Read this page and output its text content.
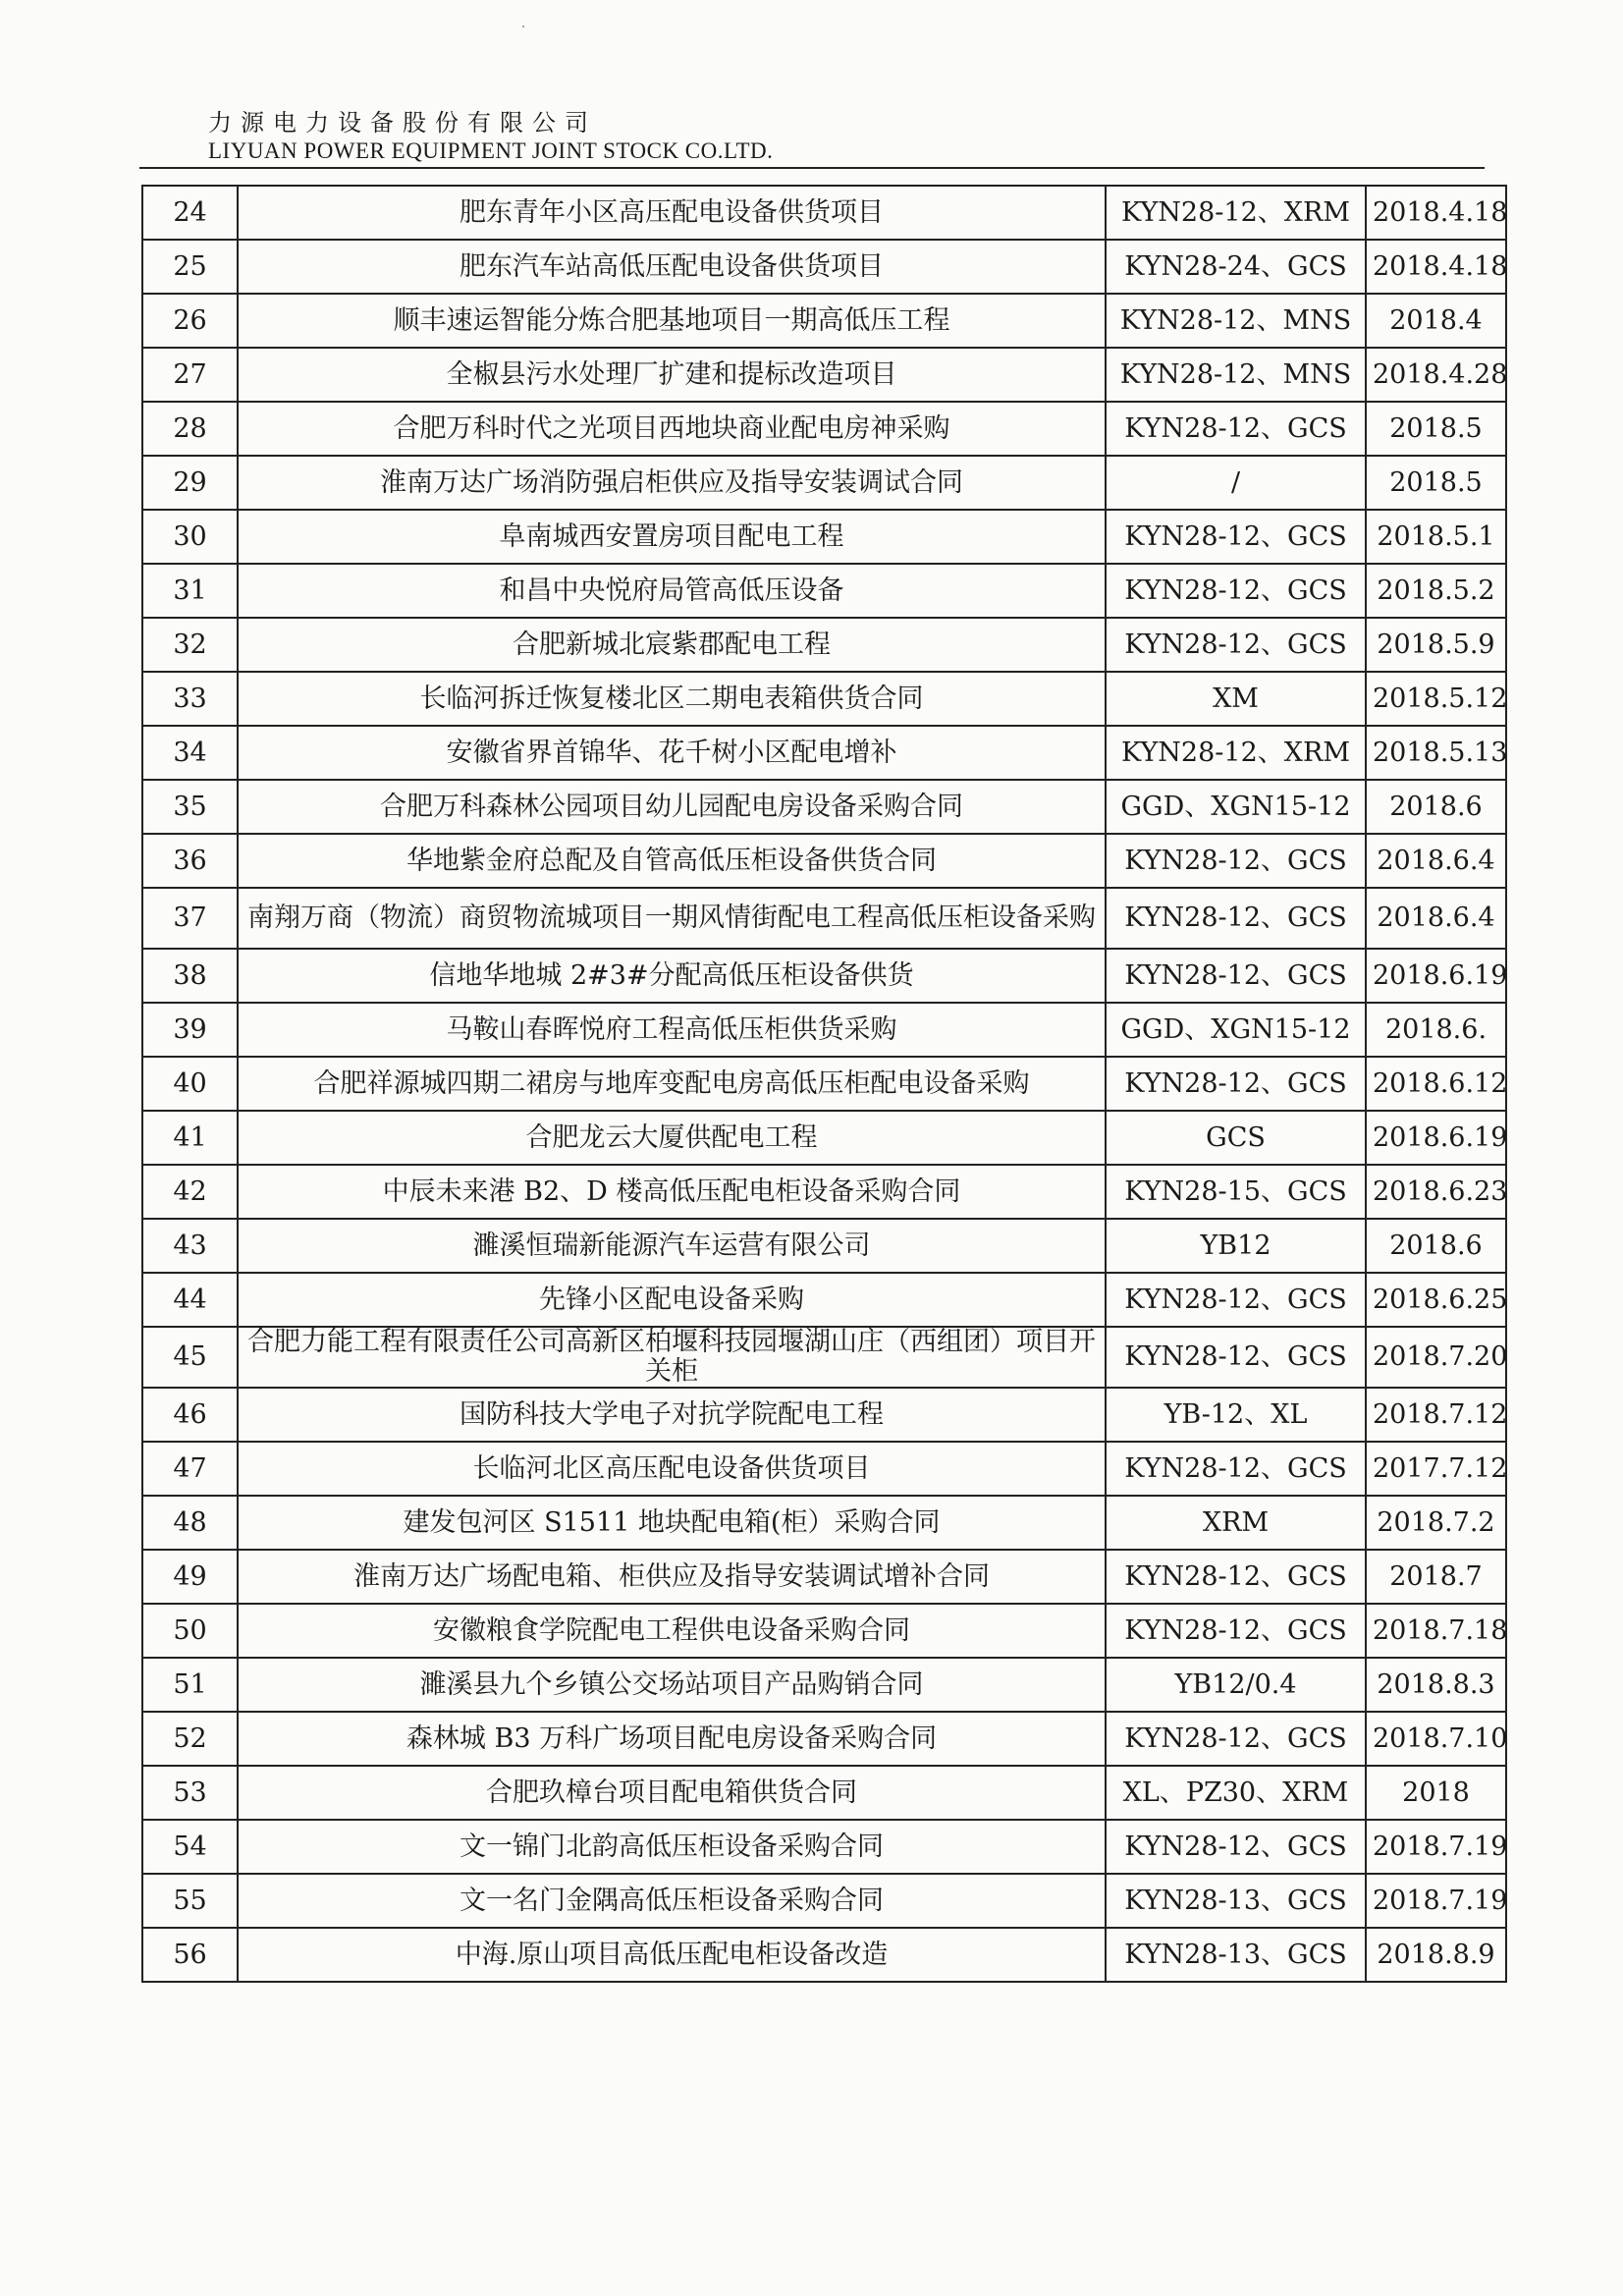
力源电力设备股份有限公司
LIYUAN POWER EQUIPMENT JOINT STOCK CO.LTD.
24	肥东青年小区高压配电设备供货项目	KYN28-12、XRM	2018.4.18
25	肥东汽车站高低压配电设备供货项目	KYN28-24、GCS	2018.4.18
26	顺丰速运智能分炼合肥基地项目一期高低压工程	KYN28-12、MNS	2018.4
27	全椒县污水处理厂扩建和提标改造项目	KYN28-12、MNS	2018.4.28
28	合肥万科时代之光项目西地块商业配电房神采购	KYN28-12、GCS	2018.5
29	淮南万达广场消防强启柜供应及指导安装调试合同	/	2018.5
30	阜南城西安置房项目配电工程	KYN28-12、GCS	2018.5.1
31	和昌中央悦府局管高低压设备	KYN28-12、GCS	2018.5.2
32	合肥新城北宸紫郡配电工程	KYN28-12、GCS	2018.5.9
33	长临河拆迁恢复楼北区二期电表箱供货合同	XM	2018.5.12
34	安徽省界首锦华、花千树小区配电增补	KYN28-12、XRM	2018.5.13
35	合肥万科森林公园项目幼儿园配电房设备采购合同	GGD、XGN15-12	2018.6
36	华地紫金府总配及自管高低压柜设备供货合同	KYN28-12、GCS	2018.6.4
37	南翔万商（物流）商贸物流城项目一期风情街配电工程高低压柜设备采购	KYN28-12、GCS	2018.6.4
38	信地华地城 2#3#分配高低压柜设备供货	KYN28-12、GCS	2018.6.19
39	马鞍山春晖悦府工程高低压柜供货采购	GGD、XGN15-12	2018.6.
40	合肥祥源城四期二裙房与地库变配电房高低压柜配电设备采购	KYN28-12、GCS	2018.6.12
41	合肥龙云大厦供配电工程	GCS	2018.6.19
42	中辰未来港 B2、D 楼高低压配电柜设备采购合同	KYN28-15、GCS	2018.6.23
43	濉溪恒瑞新能源汽车运营有限公司	YB12	2018.6
44	先锋小区配电设备采购	KYN28-12、GCS	2018.6.25
45	合肥力能工程有限责任公司高新区柏堰科技园堰湖山庄（西组团）项目开关柜	KYN28-12、GCS	2018.7.20
46	国防科技大学电子对抗学院配电工程	YB-12、XL	2018.7.12
47	长临河北区高压配电设备供货项目	KYN28-12、GCS	2017.7.12
48	建发包河区 S1511 地块配电箱(柜）采购合同	XRM	2018.7.2
49	淮南万达广场配电箱、柜供应及指导安装调试增补合同	KYN28-12、GCS	2018.7
50	安徽粮食学院配电工程供电设备采购合同	KYN28-12、GCS	2018.7.18
51	濉溪县九个乡镇公交场站项目产品购销合同	YB12/0.4	2018.8.3
52	森林城 B3 万科广场项目配电房设备采购合同	KYN28-12、GCS	2018.7.10
53	合肥玖樟台项目配电箱供货合同	XL、PZ30、XRM	2018
54	文一锦门北韵高低压柜设备采购合同	KYN28-12、GCS	2018.7.19
55	文一名门金隅高低压柜设备采购合同	KYN28-13、GCS	2018.7.19
56	中海.原山项目高低压配电柜设备改造	KYN28-13、GCS	2018.8.9
